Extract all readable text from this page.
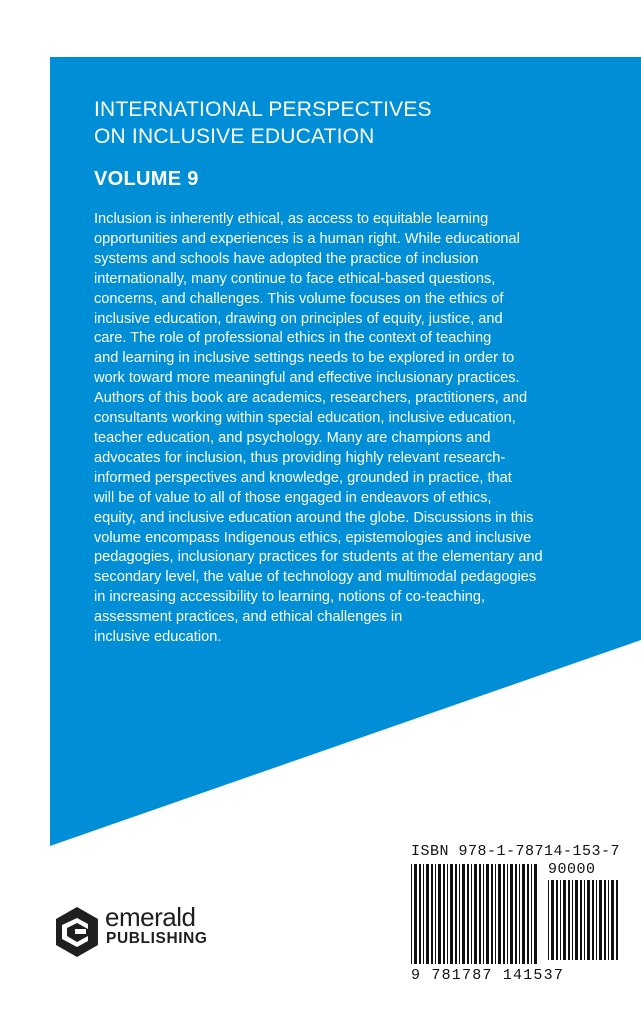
INTERNATIONAL PERSPECTIVES
ON INCLUSIVE EDUCATION
VOLUME 9
Inclusion is inherently ethical, as access to equitable learning
opportunities and experiences is a human right. While educational
systems and schools have adopted the practice of inclusion
internationally, many continue to face ethical-based questions,
concerns, and challenges. This volume focuses on the ethics of
inclusive education, drawing on principles of equity, justice, and
care. The role of professional ethics in the context of teaching
and learning in inclusive settings needs to be explored in order to
work toward more meaningful and effective inclusionary practices.
Authors of this book are academics, researchers, practitioners, and
consultants working within special education, inclusive education,
teacher education, and psychology. Many are champions and
advocates for inclusion, thus providing highly relevant research-
informed perspectives and knowledge, grounded in practice, that
will be of value to all of those engaged in endeavors of ethics,
equity, and inclusive education around the globe. Discussions in this
volume encompass Indigenous ethics, epistemologies and inclusive
pedagogies, inclusionary practices for students at the elementary and
secondary level, the value of technology and multimodal pedagogies
in increasing accessibility to learning, notions of co-teaching,
assessment practices, and ethical challenges in
inclusive education.
emerald
PUBLISHING
ISBN 978-1-78714-153-7
90000
9 781787 141537
